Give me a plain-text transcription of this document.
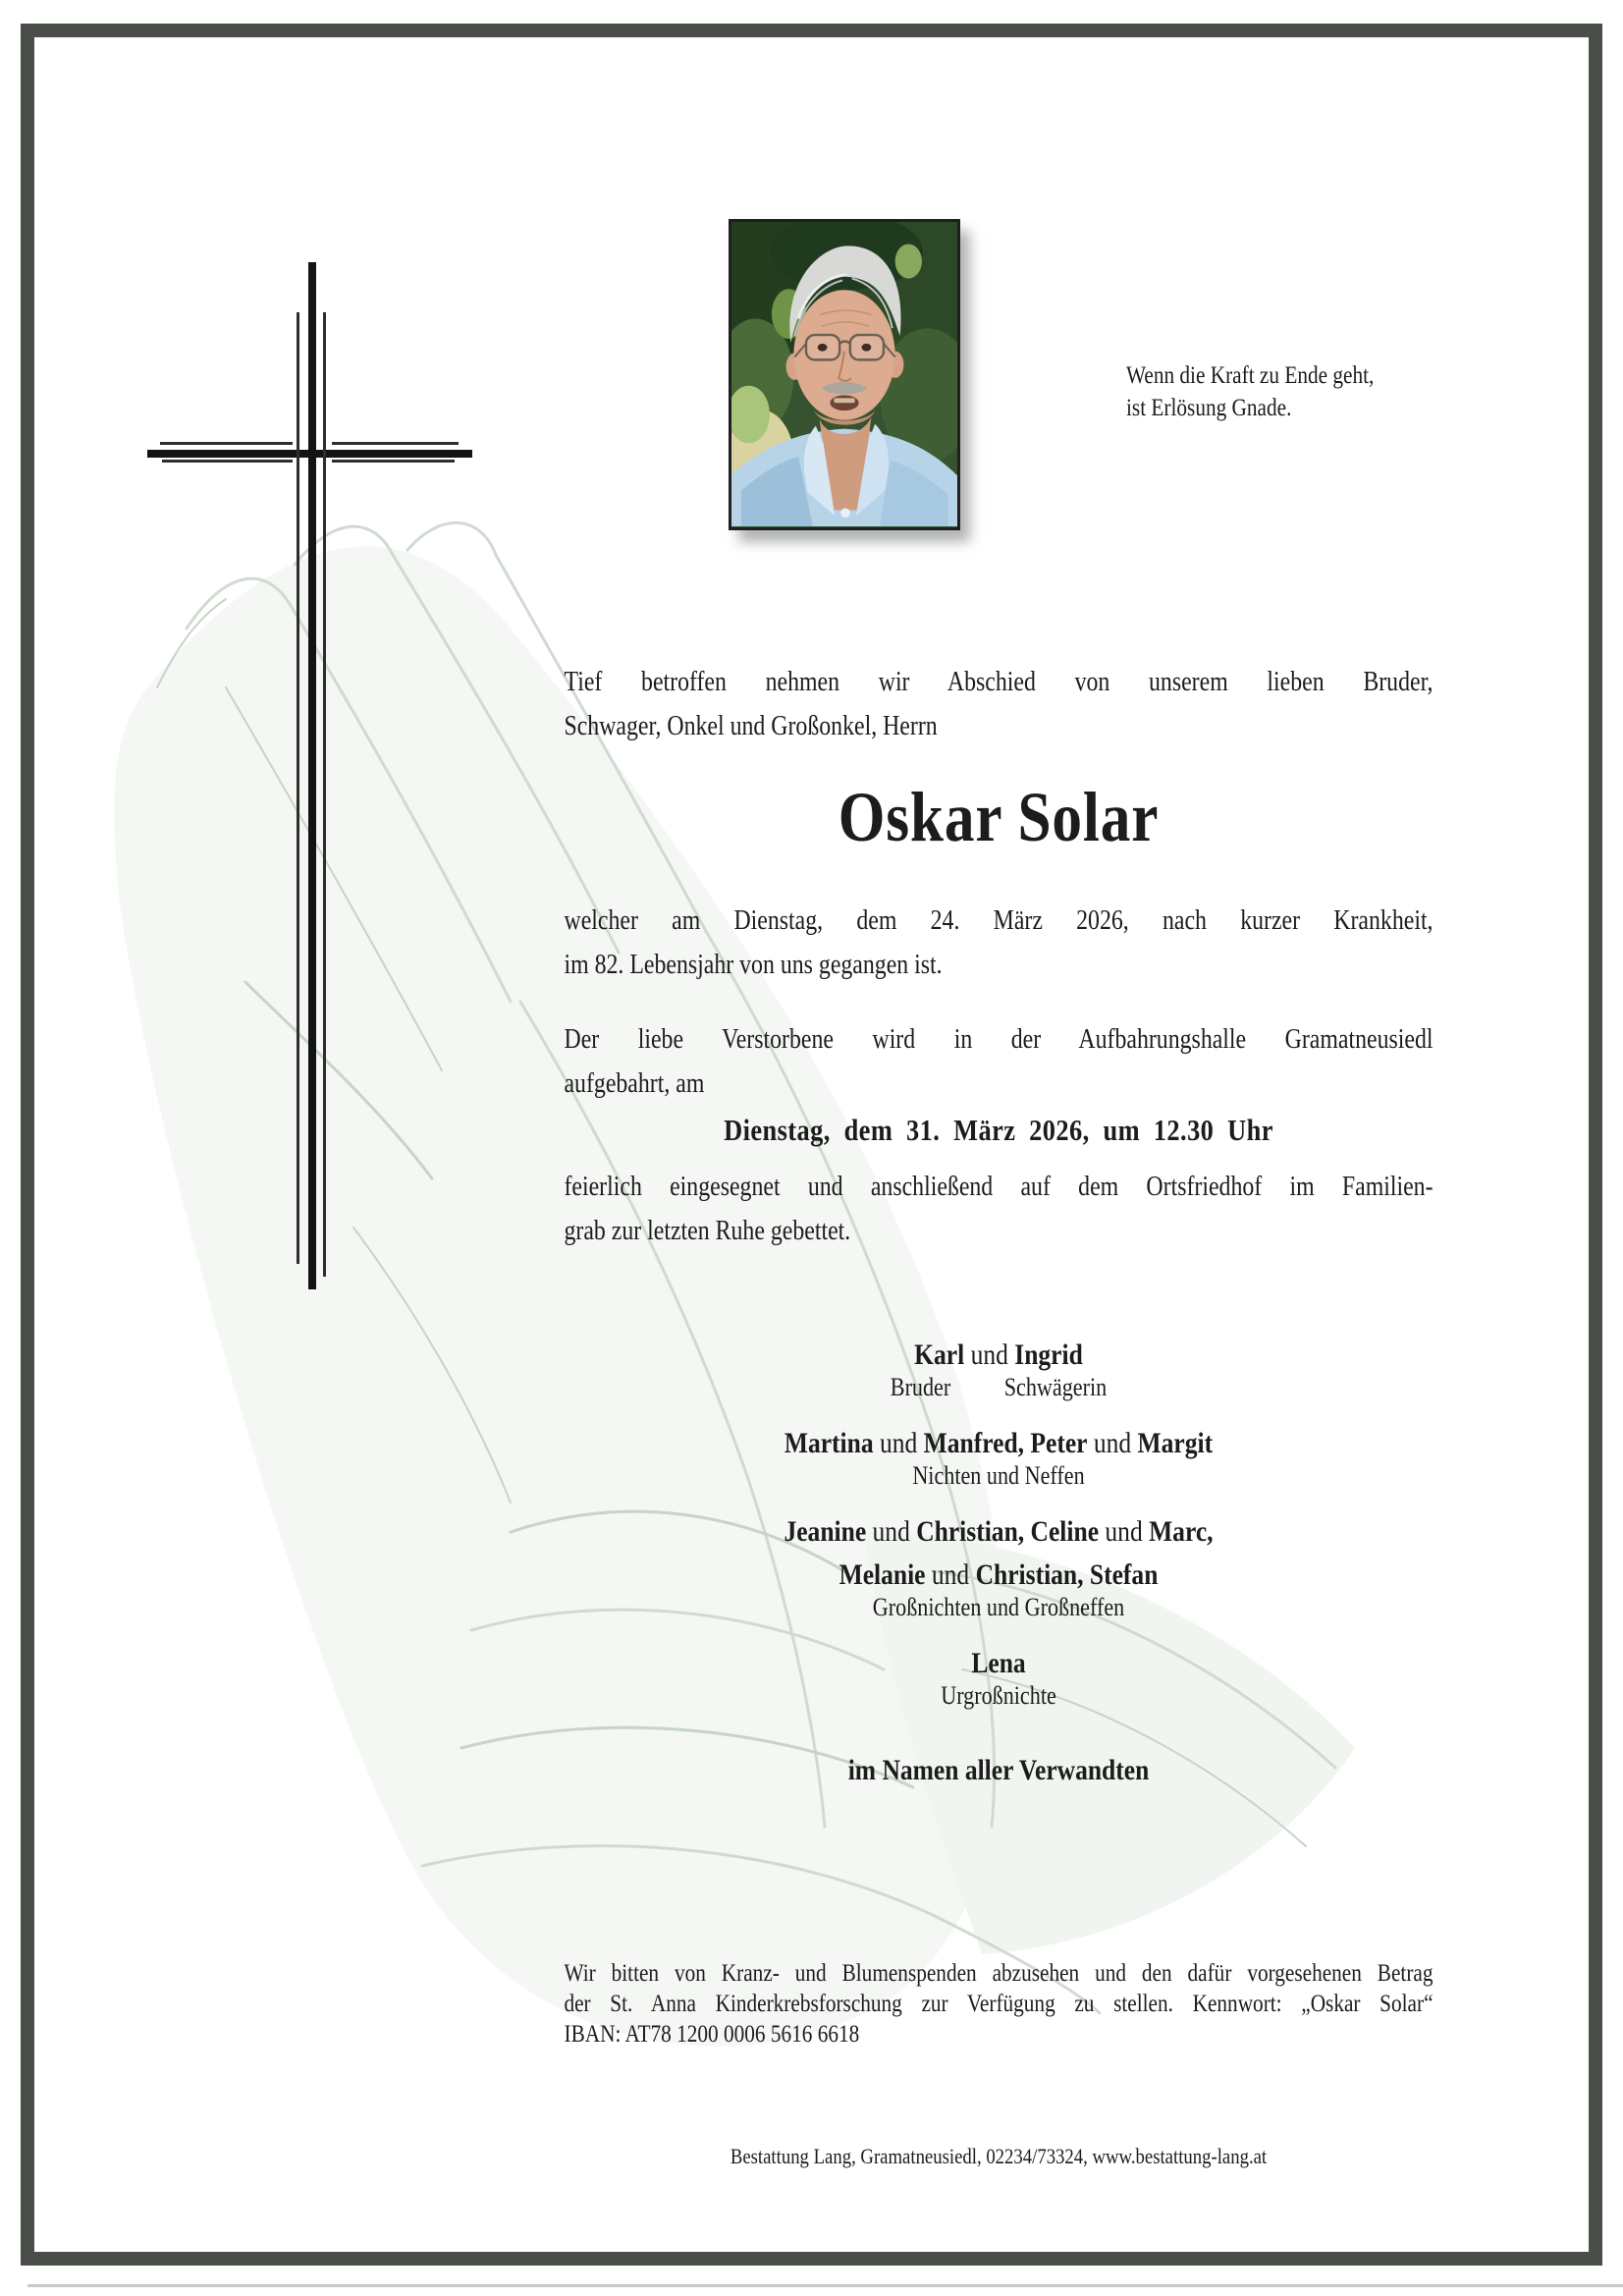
Wenn die Kraft zu Ende geht,
ist Erlösung Gnade.
Tief betroffen nehmen wir Abschied von unserem lieben Bruder,
Schwager, Onkel und Großonkel, Herrn
Oskar Solar
welcher am Dienstag, dem 24. März 2026, nach kurzer Krankheit,
im 82. Lebensjahr von uns gegangen ist.
Der liebe Verstorbene wird in der Aufbahrungshalle Gramatneusiedl
aufgebahrt, am
Dienstag, dem 31. März 2026, um 12.30 Uhr
feierlich eingesegnet und anschließend auf dem Ortsfriedhof im Familien-
grab zur letzten Ruhe gebettet.
Karl und Ingrid
Bruder Schwägerin
Martina und Manfred, Peter und Margit
Nichten und Neffen
Jeanine und Christian, Celine und Marc,
Melanie und Christian, Stefan
Großnichten und Großneffen
Lena
Urgroßnichte
im Namen aller Verwandten
Wir bitten von Kranz- und Blumenspenden abzusehen und den dafür vorgesehenen Betrag
der St. Anna Kinderkrebsforschung zur Verfügung zu stellen. Kennwort: „Oskar Solar“
IBAN: AT78 1200 0006 5616 6618
Bestattung Lang, Gramatneusiedl, 02234/73324, www.bestattung-lang.at
